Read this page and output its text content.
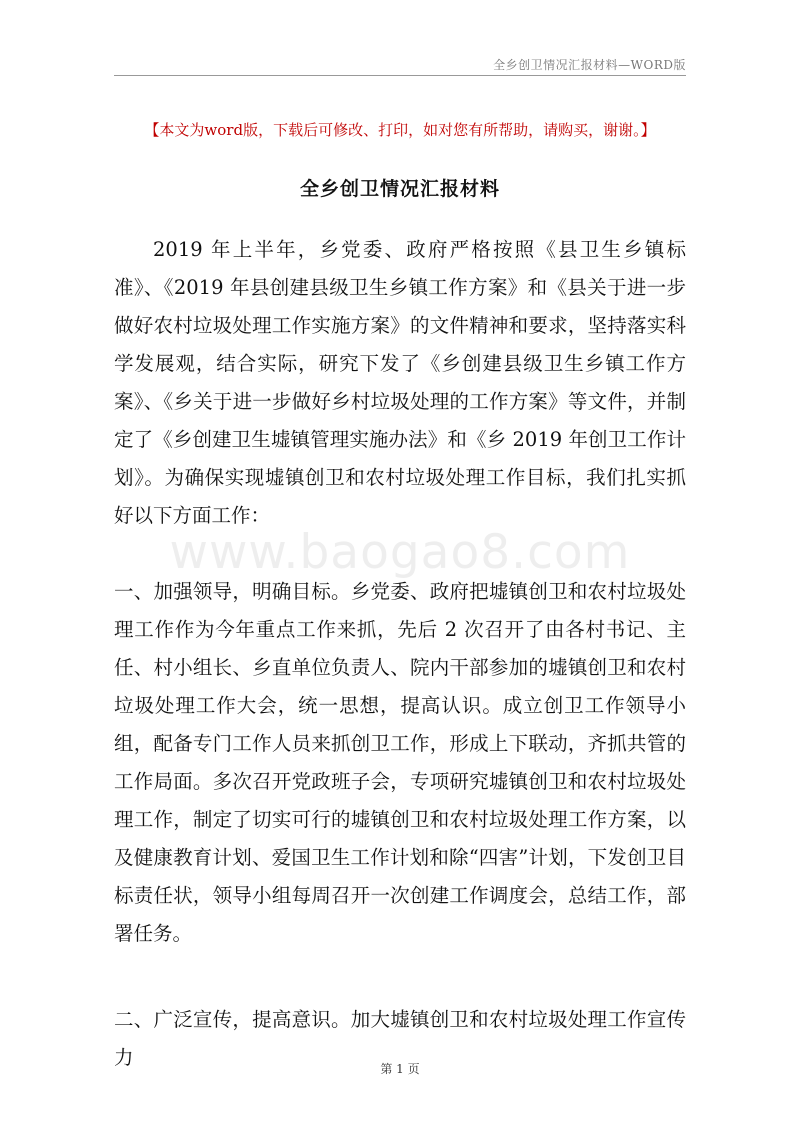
全乡创卫情况汇报材料—WORD版
【本文为word版，下载后可修改、打印，如对您有所帮助，请购买，谢谢。】
全乡创卫情况汇报材料

2019 年上半年，乡党委、政府严格按照《县卫生乡镇标准》、《2019 年县创建县级卫生乡镇工作方案》和《县关于进一步做好农村垃圾处理工作实施方案》的文件精神和要求，坚持落实科学发展观，结合实际，研究下发了《乡创建县级卫生乡镇工作方案》、《乡关于进一步做好乡村垃圾处理的工作方案》等文件，并制定了《乡创建卫生墟镇管理实施办法》和《乡 2019 年创卫工作计划》。为确保实现墟镇创卫和农村垃圾处理工作目标，我们扎实抓好以下方面工作：

一、加强领导，明确目标。乡党委、政府把墟镇创卫和农村垃圾处理工作作为今年重点工作来抓，先后 2 次召开了由各村书记、主任、村小组长、乡直单位负责人、院内干部参加的墟镇创卫和农村垃圾处理工作大会，统一思想，提高认识。成立创卫工作领导小组，配备专门工作人员来抓创卫工作，形成上下联动，齐抓共管的工作局面。多次召开党政班子会，专项研究墟镇创卫和农村垃圾处理工作，制定了切实可行的墟镇创卫和农村垃圾处理工作方案，以及健康教育计划、爱国卫生工作计划和除“四害”计划，下发创卫目标责任状，领导小组每周召开一次创建工作调度会，总结工作，部署任务。

二、广泛宣传，提高意识。加大墟镇创卫和农村垃圾处理工作宣传力

www.baogao8.com
第 1 页
